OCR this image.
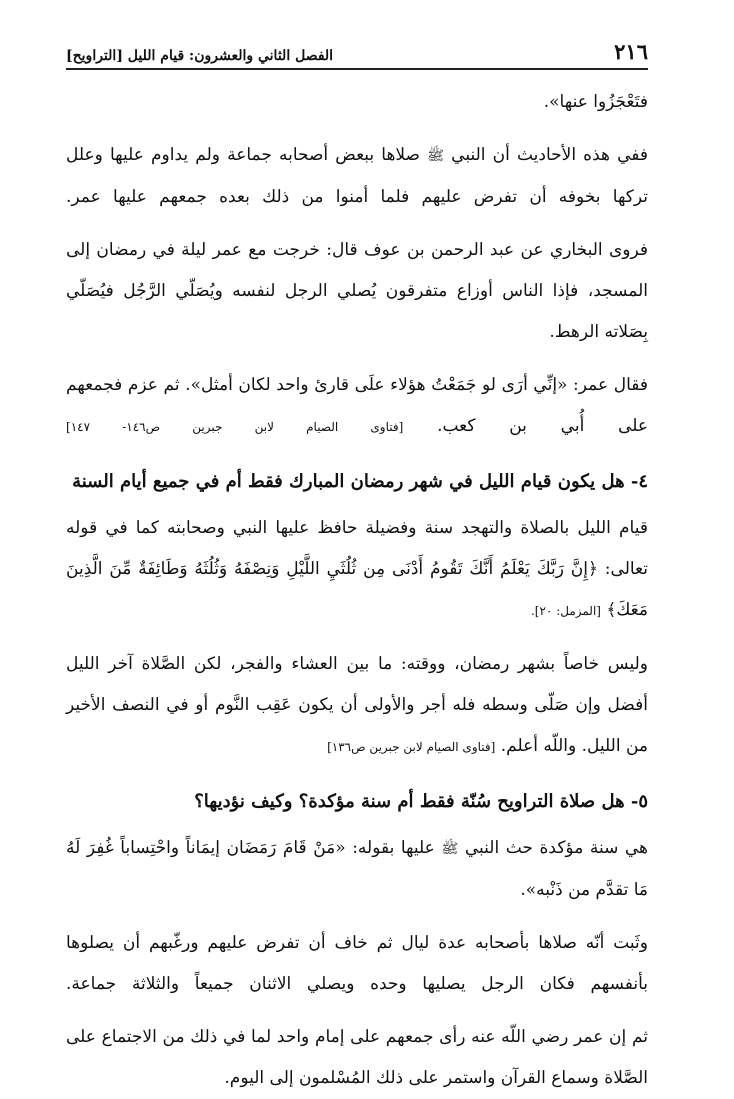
٢١٦
الفصل الثاني والعشرون: قيام الليل [التراويح]

فتَعْجَزُوا عنها».

ففي هذه الأحاديث أن النبي ﷺ صلاها ببعض أصحابه جماعة ولم يداوم عليها وعلل تركها بخوفه أن تفرض عليهم فلما أمنوا من ذلك بعده جمعهم عليها عمر.

فروى البخاري عن عبد الرحمن بن عوف قال: خرجت مع عمر ليلة في رمضان إلى المسجد، فإذا الناس أوزاع متفرقون يُصلي الرجل لنفسه ويُصَلّي الرَّجُل فيُصَلّي بِصَلاته الرهط.

فقال عمر: «إنِّي أرَى لو جَمَعْتُ هؤلاء علَى قارئ واحد لكان أمثل». ثم عزم فجمعهم على أُبي بن كعب. [فتاوى الصيام لابن جبرين ص١٤٦- ١٤٧]

٤- هل يكون قيام الليل في شهر رمضان المبارك فقط أم في جميع أيام السنة

قيام الليل بالصلاة والتهجد سنة وفضيلة حافظ عليها النبي وصحابته كما في قوله تعالى: ﴿إِنَّ رَبَّكَ يَعْلَمُ أَنَّكَ تَقُومُ أَدْنَى مِن ثُلُثَيِ اللَّيْلِ وَنِصْفَهُ وَثُلُثَهُ وَطَائِفَةٌ مِّنَ الَّذِينَ مَعَكَ﴾ [المزمل: ٢٠].

وليس خاصاً بشهر رمضان، ووقته: ما بين العشاء والفجر، لكن الصَّلاة آخر الليل أفضل وإن صَلّى وسطه فله أجر والأولى أن يكون عَقِب النَّوم أو في النصف الأخير من الليل. واللّه أعلم. [فتاوى الصيام لابن جبرين ص١٣٦]

٥- هل صلاة التراويح سُنّة فقط أم سنة مؤكدة؟ وكيف نؤديها؟

هي سنة مؤكدة حث النبي ﷺ عليها بقوله: «مَنْ قَامَ رَمَضَان إيمَاناً واحْتِساباً غُفِرَ لَهُ مَا تقدَّم من ذَنْبه».

وثَبت أنّه صلاها بأصحابه عدة ليال ثم خاف أن تفرض عليهم ورغّبهم أن يصلوها بأنفسهم فكان الرجل يصليها وحده ويصلي الاثنان جميعاً والثلاثة جماعة.

ثم إن عمر رضي اللّه عنه رأى جمعهم على إمام واحد لما في ذلك من الاجتماع على الصَّلاة وسماع القرآن واستمر على ذلك المُسْلمون إلى اليوم.
